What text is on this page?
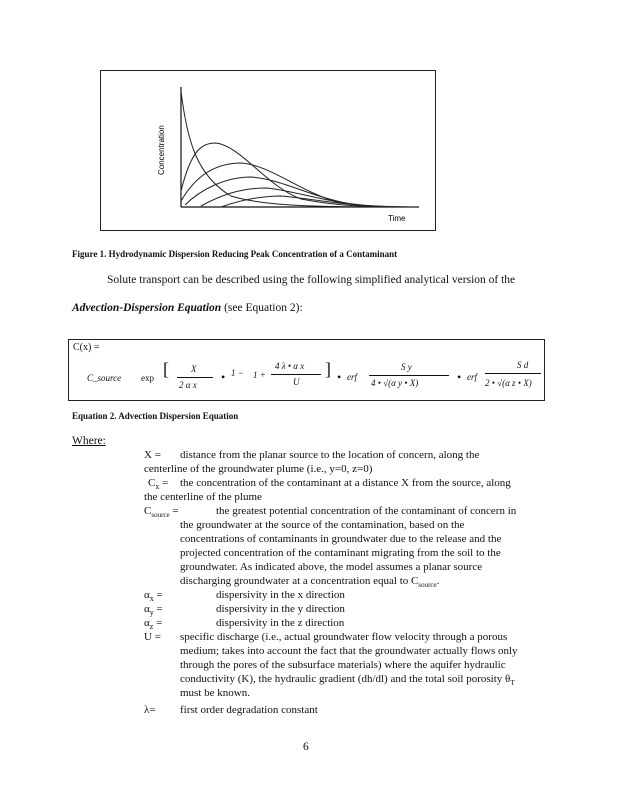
Concentration
Time
Figure 1. Hydrodynamic Dispersion Reducing Peak Concentration of a Contaminant
Solute transport can be described using the following simplified analytical version of the
Advection-Dispersion Equation (see Equation 2):
C(x) =
C_source exp [ X
2 α x
• 1 − 1 +
4 λ • α x
U
] • erf
S y
4 • √(α y • X)	• erf
S d
2 • √(α z • X)
Equation 2. Advection Dispersion Equation
Where:
X = distance from the planar source to the location of concern, along the
centerline of the groundwater plume (i.e., y=0, z=0)
$C_x$ = the concentration of the contaminant at a distance X from the source, along
the centerline of the plume
$C_{source}$ =	the greatest potential concentration of the contaminant of concern in
the groundwater at the source of the contamination, based on the
concentrations of contaminants in groundwater due to the release and the
projected concentration of the contaminant migrating from the soil to the
groundwater. As indicated above, the model assumes a planar source
discharging groundwater at a concentration equal to $C_{source}$.
$\alpha_x$ =	dispersivity in the x direction
$\alpha_y$ =	dispersivity in the y direction
$\alpha_z$ =	dispersivity in the z direction
U = specific discharge (i.e., actual groundwater flow velocity through a porous
medium; takes into account the fact that the groundwater actually flows only
through the pores of the subsurface materials) where the aquifer hydraulic
conductivity (K), the hydraulic gradient (dh/dl) and the total soil porosity $\theta_T$
must be known.
λ= first order degradation constant
6
